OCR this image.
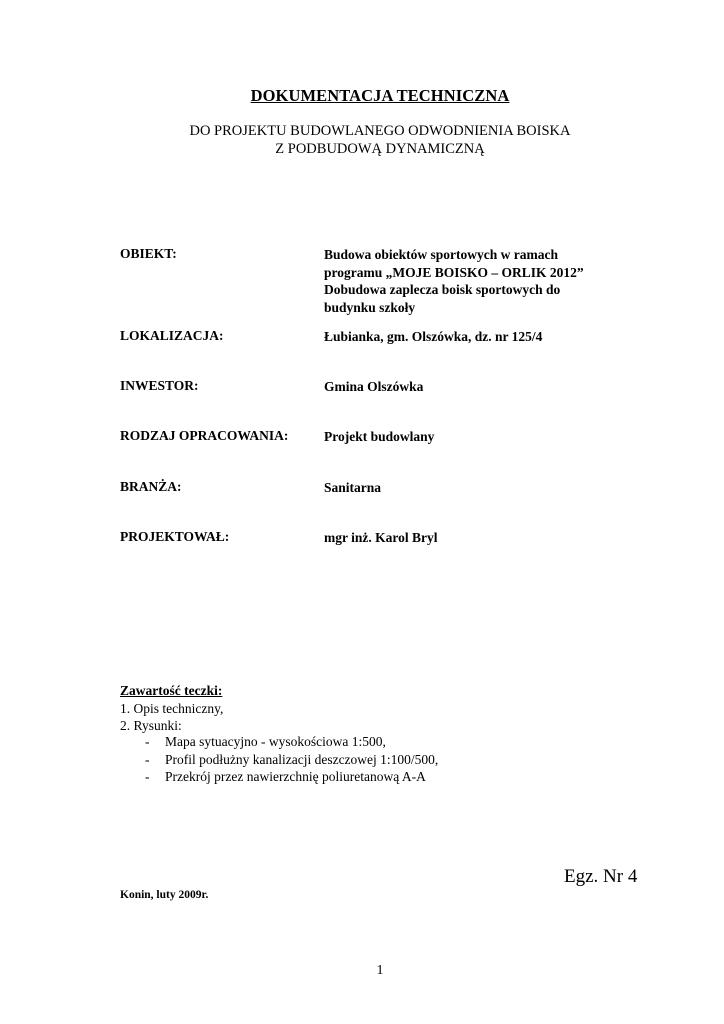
DOKUMENTACJA TECHNICZNA
DO PROJEKTU BUDOWLANEGO ODWODNIENIA BOISKA
Z PODBUDOWĄ DYNAMICZNĄ
OBIEKT:	Budowa obiektów sportowych w ramach
programu „MOJE BOISKO – ORLIK 2012”
Dobudowa zaplecza boisk sportowych do
budynku szkoły
LOKALIZACJA:	Łubianka, gm. Olszówka, dz. nr 125/4
INWESTOR:	Gmina Olszówka
RODZAJ OPRACOWANIA:	Projekt budowlany
BRANŻA:	Sanitarna
PROJEKTOWAŁ:	mgr inż. Karol Bryl
Zawartość teczki:
1. Opis techniczny,
2. Rysunki:
- Mapa sytuacyjno - wysokościowa 1:500,
- Profil podłużny kanalizacji deszczowej 1:100/500,
- Przekrój przez nawierzchnię poliuretanową A-A
Egz. Nr 4
Konin, luty 2009r.
1
